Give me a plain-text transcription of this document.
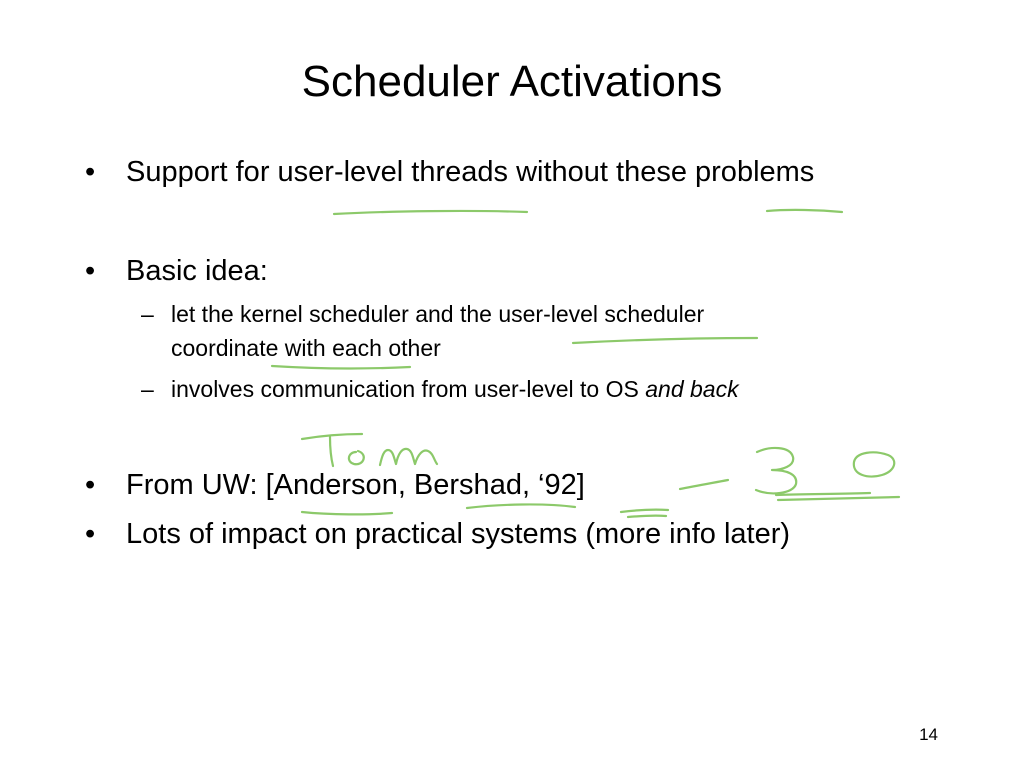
Scheduler Activations
• Support for user-level threads without these problems
• Basic idea:
– let the kernel scheduler and the user-level scheduler
coordinate with each other
– involves communication from user-level to OS and back
• From UW: [Anderson, Bershad, ‘92]
• Lots of impact on practical systems (more info later)
14
